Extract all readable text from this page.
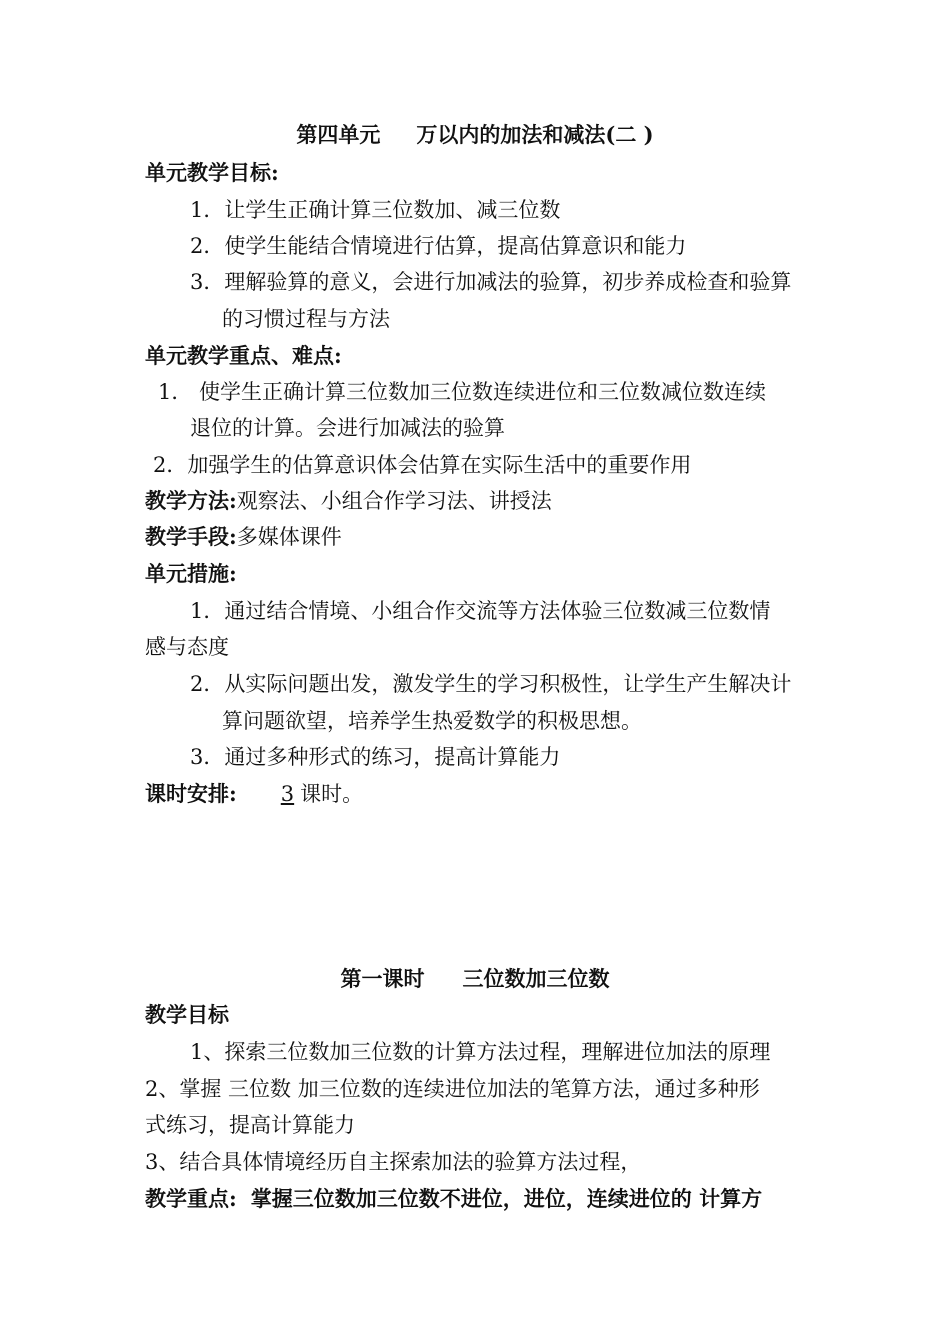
第四单元 万以内的加法和减法(二 )
单元教学目标:
1．让学生正确计算三位数加、减三位数
2．使学生能结合情境进行估算，提高估算意识和能力
3．理解验算的意义，会进行加减法的验算，初步养成检查和验算
的习惯过程与方法
单元教学重点、难点:
1． 使学生正确计算三位数加三位数连续进位和三位数减位数连续
退位的计算。会进行加减法的验算
2．加强学生的估算意识体会估算在实际生活中的重要作用
教学方法:观察法、小组合作学习法、讲授法
教学手段:多媒体课件
单元措施:
1．通过结合情境、小组合作交流等方法体验三位数减三位数情
感与态度
2．从实际问题出发，激发学生的学习积极性，让学生产生解决计
算问题欲望，培养学生热爱数学的积极思想。
3．通过多种形式的练习，提高计算能力
课时安排: 3 课时。
第一课时 三位数加三位数
教学目标
1、探索三位数加三位数的计算方法过程，理解进位加法的原理
2、掌握 三位数 加三位数的连续进位加法的笔算方法，通过多种形
式练习，提高计算能力
3、结合具体情境经历自主探索加法的验算方法过程，
教学重点: 掌握三位数加三位数不进位，进位，连续进位的 计算方
